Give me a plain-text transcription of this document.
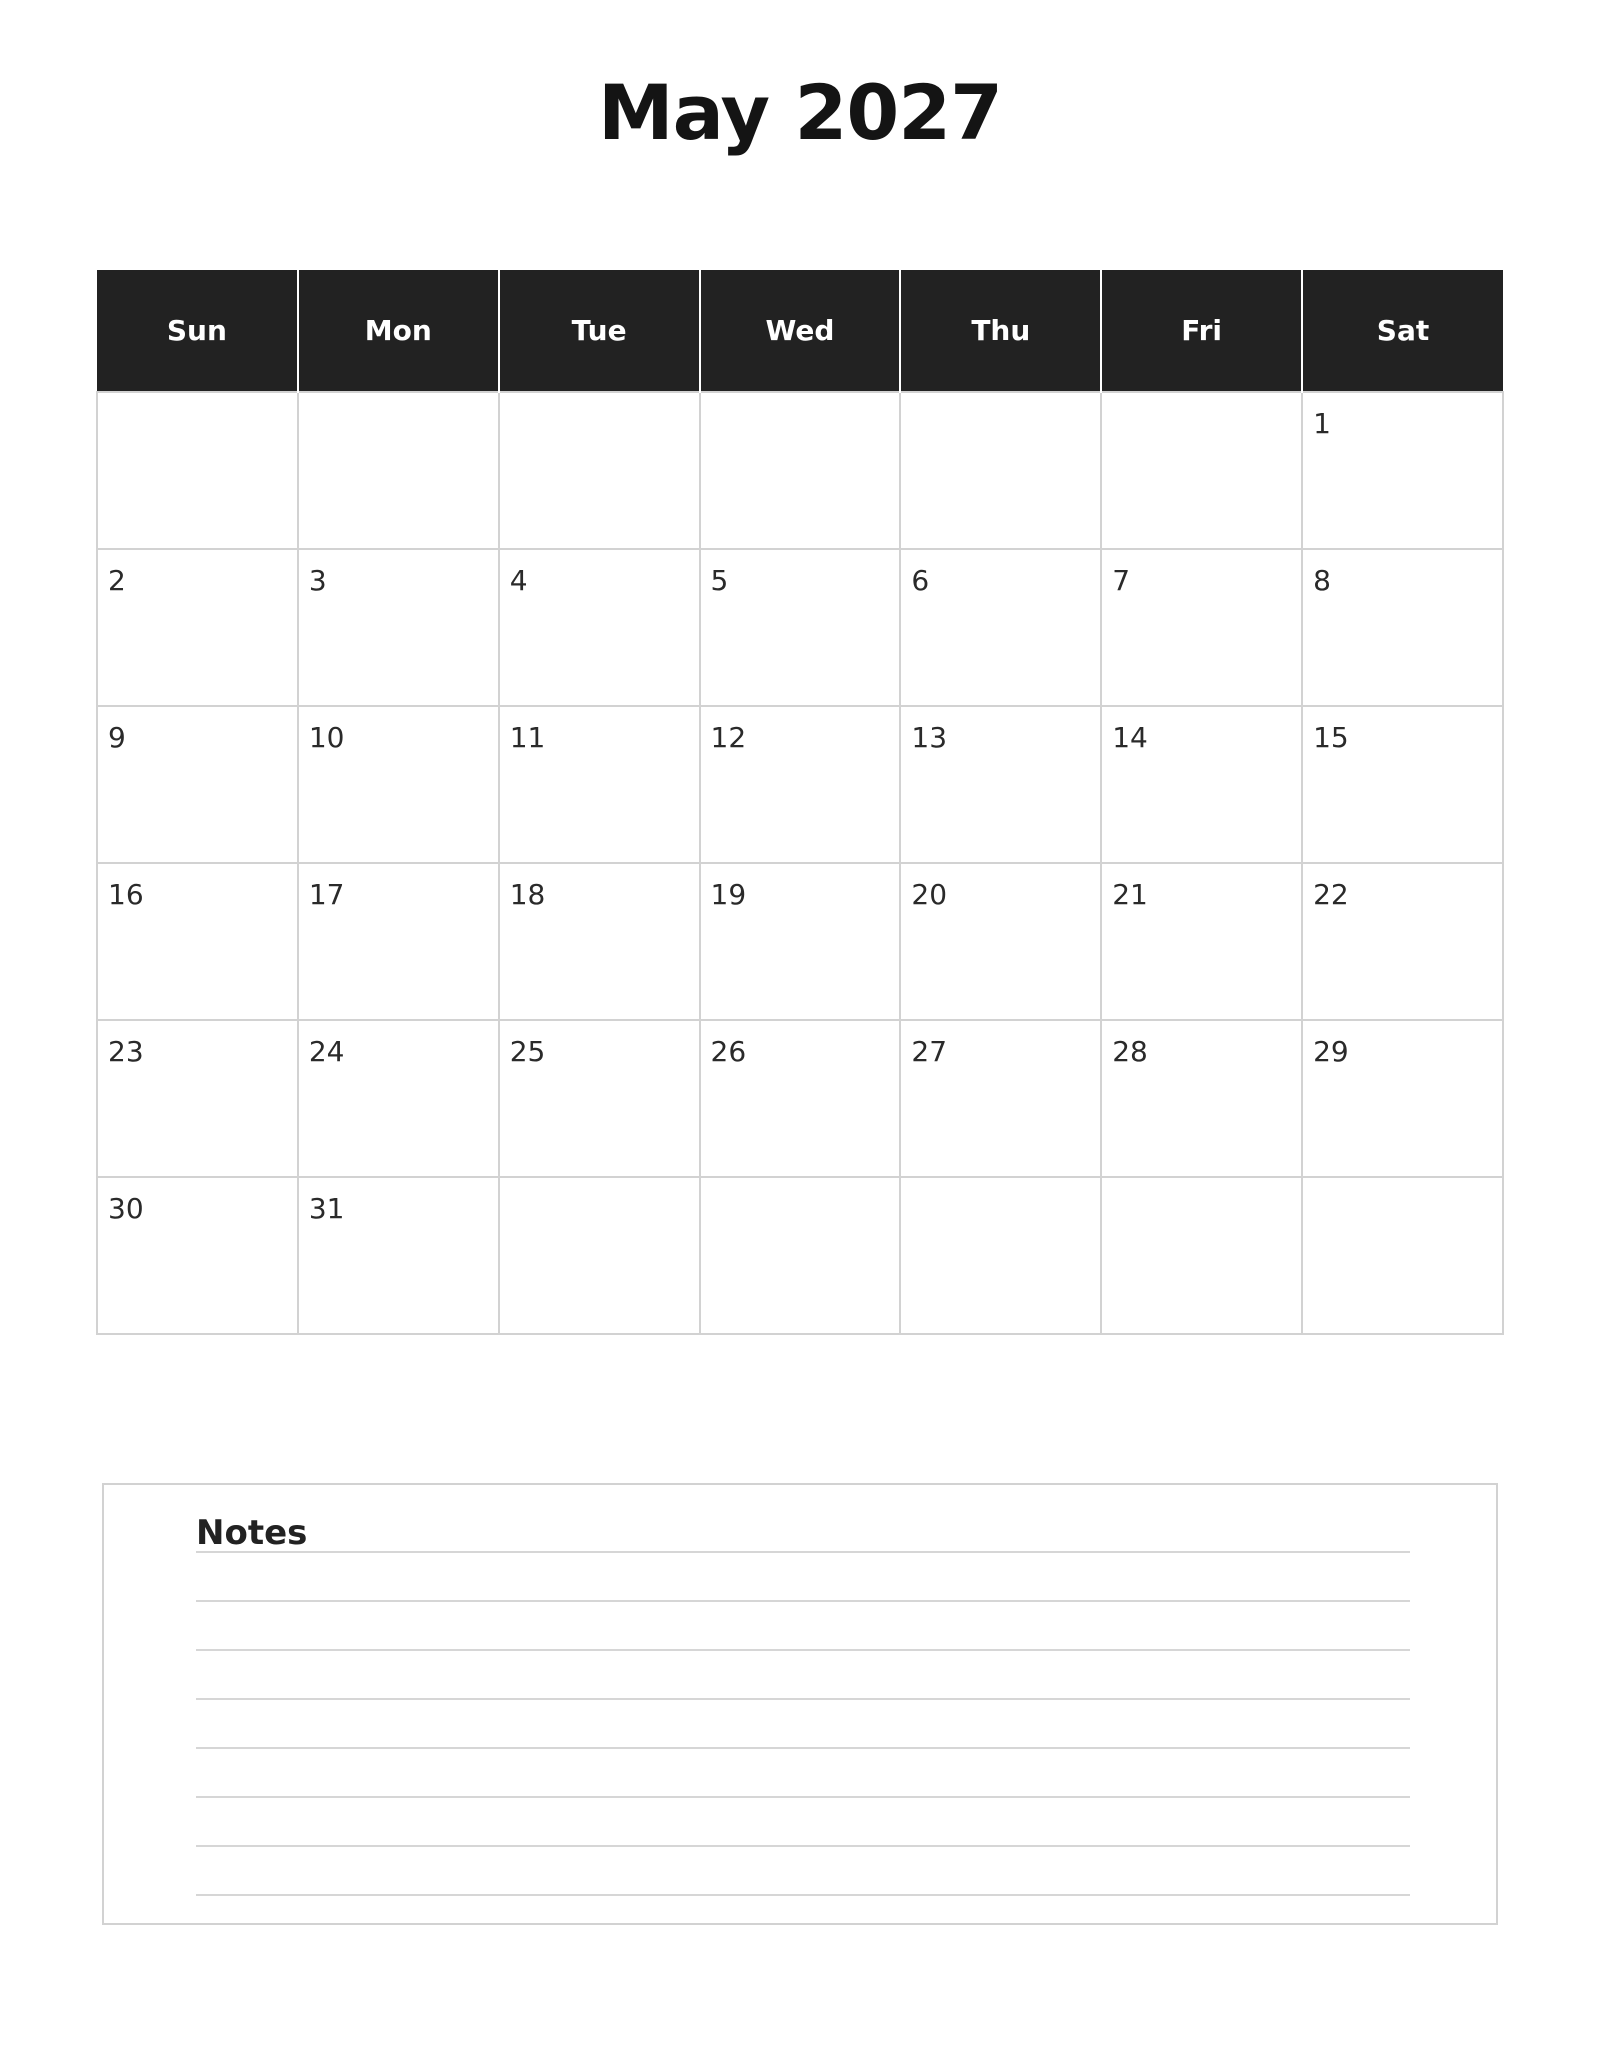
May 2027
Sun	Mon	Tue	Wed	Thu	Fri	Sat

						1

2	3	4	5	6	7	8

9	10	11	12	13	14	15

16	17	18	19	20	21	22

23	24	25	26	27	28	29

30	31					

Notes
